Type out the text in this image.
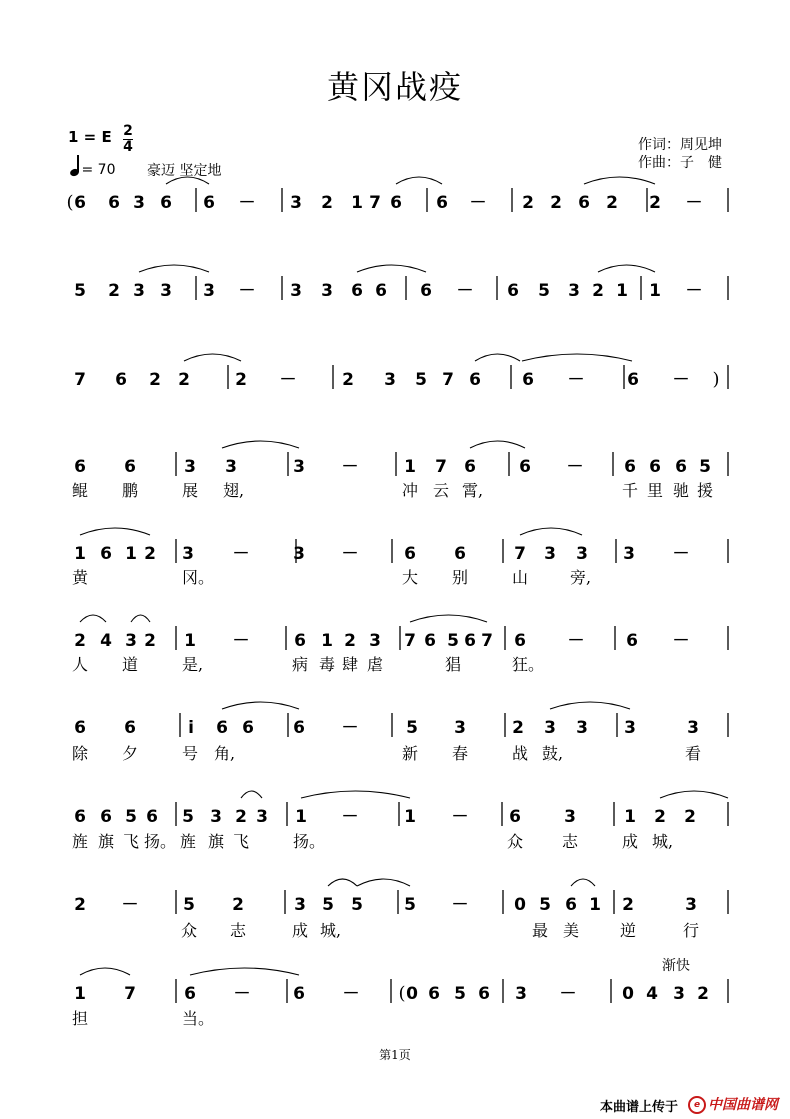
黄冈战疫
1 = E 2
4
= 70 豪迈 坚定地
作词：周见坤
作曲：子　健
6 6 3 6 6 － 3 2 1 7 6 6 － 2 2 6 2 2 －
5 2 3 3 3 － 3 3 6 6 6 － 6 5 3 2 1 1 －
7 6 2 2	2 －	2 3 5 7 6 6 －	6 －
6 6	3 3	3 －	1 7 6	6 － 6 6 6 5
1 6 1 2 3 －	3 －	6 6	7 3 3 3 －
2 4 3 2 1 －	6 1 2 3 7 6 5 6 7 6 － 6 －
6 6	i 6 6 6 －	5 3	2 3 3 3	3
6 6 5 6 5 3 2 3 1 －	1 － 6	3	1 2 2
2 －	5 2	3 5 5 5 －	0 5 6 1 2	3
1 7	6 －	6 －	0 6 5 6 3 －	0 4 3 2
(
)
(
渐快
第1页
本曲谱上传于	e 中国曲谱网
鲲 鹏	展 翅,	冲 云 霄,	千 里 驰 援
黄	冈。	大 别	山	旁,
人 道	是,	病 毒 肆 虐	猖	狂。
除 夕	号 角,	新 春	战 鼓,	看
旌 旗 飞 扬。 旌 旗 飞	扬。	众 志	成 城,
众 志	成 城,	最 美	逆	行
担	当。
